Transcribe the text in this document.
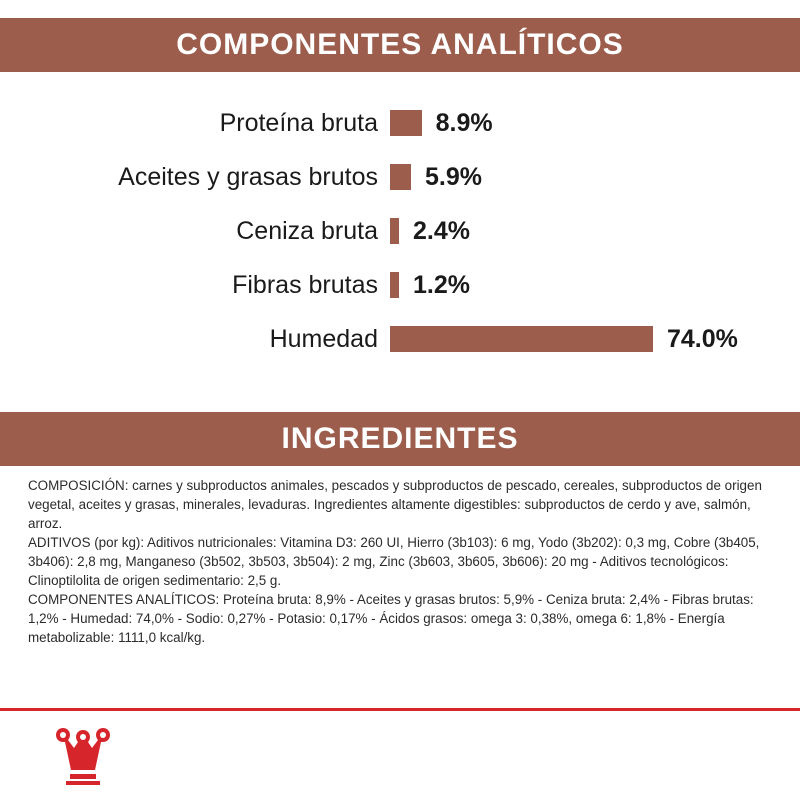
COMPONENTES ANALÍTICOS
Proteína bruta	8.9%
Aceites y grasas brutos	5.9%
Ceniza bruta	2.4%
Fibras brutas	1.2%
Humedad	74.0%
INGREDIENTES

COMPOSICIÓN: carnes y subproductos animales, pescados y subproductos de pescado, cereales, subproductos de origen vegetal, aceites y grasas, minerales, levaduras. Ingredientes altamente digestibles: subproductos de cerdo y ave, salmón, arroz.

ADITIVOS (por kg): Aditivos nutricionales: Vitamina D3: 260 UI, Hierro (3b103): 6 mg, Yodo (3b202): 0,3 mg, Cobre (3b405, 3b406): 2,8 mg, Manganeso (3b502, 3b503, 3b504): 2 mg, Zinc (3b603, 3b605, 3b606): 20 mg - Aditivos tecnológicos: Clinoptilolita de origen sedimentario: 2,5 g.

COMPONENTES ANALÍTICOS: Proteína bruta: 8,9% - Aceites y grasas brutos: 5,9% - Ceniza bruta: 2,4% - Fibras brutas: 1,2% - Humedad: 74,0% - Sodio: 0,27% - Potasio: 0,17% - Ácidos grasos: omega 3: 0,38%, omega 6: 1,8% - Energía metabolizable: 1111,0 kcal/kg.
